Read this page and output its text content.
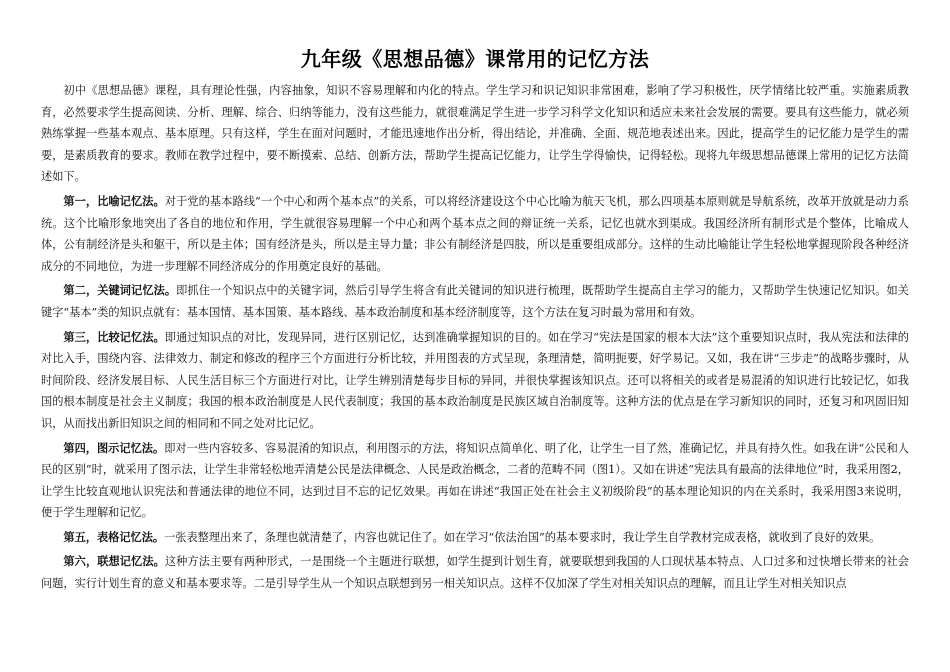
九年级《思想品德》课常用的记忆方法

初中《思想品德》课程，具有理论性强，内容抽象，知识不容易理解和内化的特点。学生学习和识记知识非常困难，影响了学习积极性，厌学情绪比较严重。实施素质教育，必然要求学生提高阅读、分析、理解、综合、归纳等能力，没有这些能力，就很难满足学生进一步学习科学文化知识和适应未来社会发展的需要。要具有这些能力，就必须熟练掌握一些基本观点、基本原理。只有这样，学生在面对问题时，才能迅速地作出分析，得出结论，并准确、全面、规范地表述出来。因此，提高学生的记忆能力是学生的需要，是素质教育的要求。教师在教学过程中，要不断摸索、总结、创新方法，帮助学生提高记忆能力，让学生学得愉快，记得轻松。现将九年级思想品德课上常用的记忆方法简述如下。

第一，比喻记忆法。对于党的基本路线“一个中心和两个基本点”的关系，可以将经济建设这个中心比喻为航天飞机，那么四项基本原则就是导航系统，改革开放就是动力系统。这个比喻形象地突出了各自的地位和作用，学生就很容易理解一个中心和两个基本点之间的辩证统一关系，记忆也就水到渠成。我国经济所有制形式是个整体，比喻成人体，公有制经济是头和躯干，所以是主体；国有经济是头，所以是主导力量；非公有制经济是四肢，所以是重要组成部分。这样的生动比喻能让学生轻松地掌握现阶段各种经济成分的不同地位，为进一步理解不同经济成分的作用奠定良好的基础。

第二，关键词记忆法。即抓住一个知识点中的关键字词，然后引导学生将含有此关键词的知识进行梳理，既帮助学生提高自主学习的能力，又帮助学生快速记忆知识。如关键字“基本”类的知识点就有：基本国情、基本国策、基本路线、基本政治制度和基本经济制度等，这个方法在复习时最为常用和有效。

第三，比较记忆法。即通过知识点的对比，发现异同，进行区别记忆，达到准确掌握知识的目的。如在学习“宪法是国家的根本大法”这个重要知识点时，我从宪法和法律的对比入手，围绕内容、法律效力、制定和修改的程序三个方面进行分析比较，并用图表的方式呈现，条理清楚，简明扼要，好学易记。又如，我在讲“三步走”的战略步骤时，从时间阶段、经济发展目标、人民生活目标三个方面进行对比，让学生辨别清楚每步目标的异同，并很快掌握该知识点。还可以将相关的或者是易混淆的知识进行比较记忆，如我国的根本制度是社会主义制度；我国的根本政治制度是人民代表制度；我国的基本政治制度是民族区域自治制度等。这种方法的优点是在学习新知识的同时，还复习和巩固旧知识，从而找出新旧知识之间的相同和不同之处对比记忆。

第四，图示记忆法。即对一些内容较多、容易混淆的知识点，利用图示的方法，将知识点简单化、明了化，让学生一目了然，准确记忆，并具有持久性。如我在讲“公民和人民的区别”时，就采用了图示法，让学生非常轻松地弄清楚公民是法律概念、人民是政治概念，二者的范畴不同（图1）。又如在讲述“宪法具有最高的法律地位”时，我采用图2，让学生比较直观地认识宪法和普通法律的地位不同，达到过目不忘的记忆效果。再如在讲述“我国正处在社会主义初级阶段”的基本理论知识的内在关系时，我采用图3来说明，便于学生理解和记忆。

第五，表格记忆法。一张表整理出来了，条理也就清楚了，内容也就记住了。如在学习“依法治国”的基本要求时，我让学生自学教材完成表格，就收到了良好的效果。

第六，联想记忆法。这种方法主要有两种形式，一是围绕一个主题进行联想，如学生提到计划生育，就要联想到我国的人口现状基本特点、人口过多和过快增长带来的社会问题，实行计划生育的意义和基本要求等。二是引导学生从一个知识点联想到另一相关知识点。这样不仅加深了学生对相关知识点的理解，而且让学生对相关知识点
